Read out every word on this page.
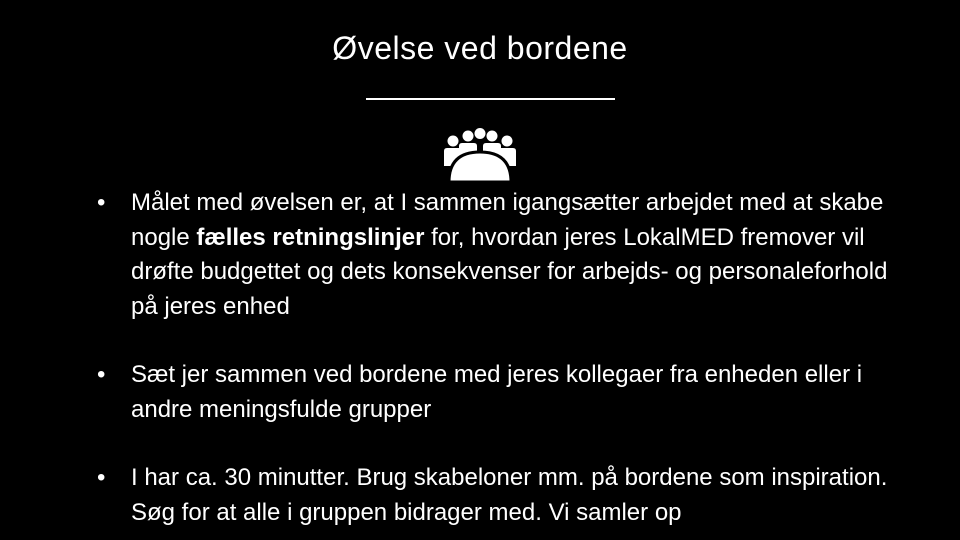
Øvelse ved bordene
•	Målet med øvelsen er, at I sammen igangsætter arbejdet med at skabe nogle fælles retningslinjer for, hvordan jeres LokalMED fremover vil drøfte budgettet og dets konsekvenser for arbejds- og personaleforhold på jeres enhed
•	Sæt jer sammen ved bordene med jeres kollegaer fra enheden eller i andre meningsfulde grupper
•	I har ca. 30 minutter. Brug skabeloner mm. på bordene som inspiration. Søg for at alle i gruppen bidrager med. Vi samler op
